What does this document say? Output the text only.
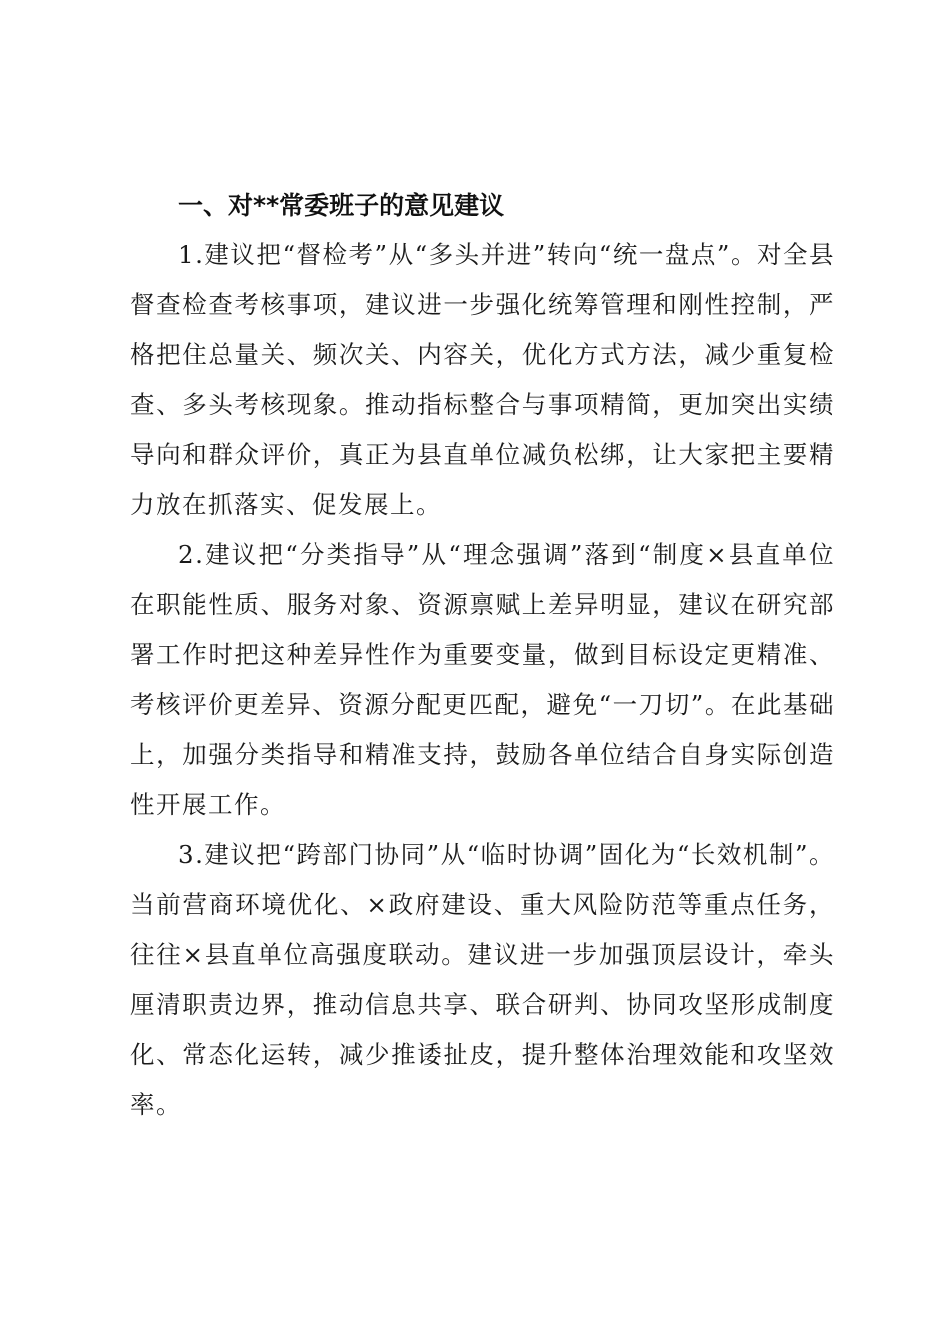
一、对**常委班子的意见建议
1.建议把“督检考”从“多头并进”转向“统一盘点”。对全县督查检查考核事项，建议进一步强化统筹管理和刚性控制，严格把住总量关、频次关、内容关，优化方式方法，减少重复检查、多头考核现象。推动指标整合与事项精简，更加突出实绩导向和群众评价，真正为县直单位减负松绑，让大家把主要精力放在抓落实、促发展上。
2.建议把“分类指导”从“理念强调”落到“制度×县直单位在职能性质、服务对象、资源禀赋上差异明显，建议在研究部署工作时把这种差异性作为重要变量，做到目标设定更精准、考核评价更差异、资源分配更匹配，避免“一刀切”。在此基础上，加强分类指导和精准支持，鼓励各单位结合自身实际创造性开展工作。
3.建议把“跨部门协同”从“临时协调”固化为“长效机制”。当前营商环境优化、×政府建设、重大风险防范等重点任务，往往×县直单位高强度联动。建议进一步加强顶层设计，牵头厘清职责边界，推动信息共享、联合研判、协同攻坚形成制度化、常态化运转，减少推诿扯皮，提升整体治理效能和攻坚效率。
